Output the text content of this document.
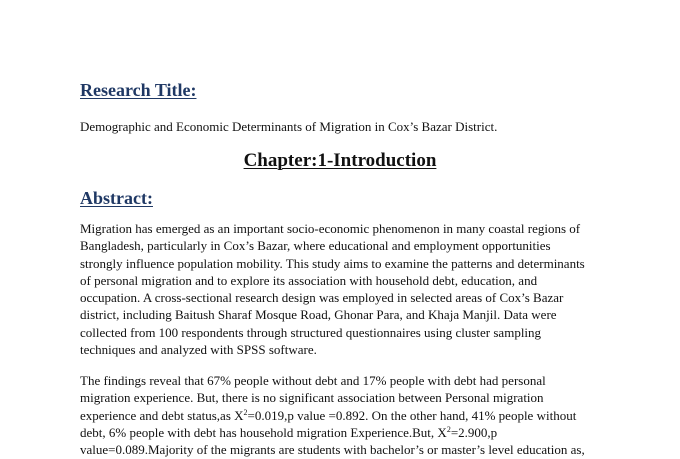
Research Title:
Demographic and Economic Determinants of Migration in Cox’s Bazar District.
Chapter:1-Introduction
Abstract:
Migration has emerged as an important socio-economic phenomenon in many coastal regions of
Bangladesh, particularly in Cox’s Bazar, where educational and employment opportunities
strongly influence population mobility. This study aims to examine the patterns and determinants
of personal migration and to explore its association with household debt, education, and
occupation. A cross-sectional research design was employed in selected areas of Cox’s Bazar
district, including Baitush Sharaf Mosque Road, Ghonar Para, and Khaja Manjil. Data were
collected from 100 respondents through structured questionnaires using cluster sampling
techniques and analyzed with SPSS software.
The findings reveal that 67% people without debt and 17% people with debt had personal
migration experience. But, there is no significant association between Personal migration
experience and debt status,as $X^2=0.019,p$ value =0.892. On the other hand, 41% people without
debt, 6% people with debt has household migration Experience.But, $X^2=2.900,p$
value=0.089.Majority of the migrants are students with bachelor’s or master’s level education as,
